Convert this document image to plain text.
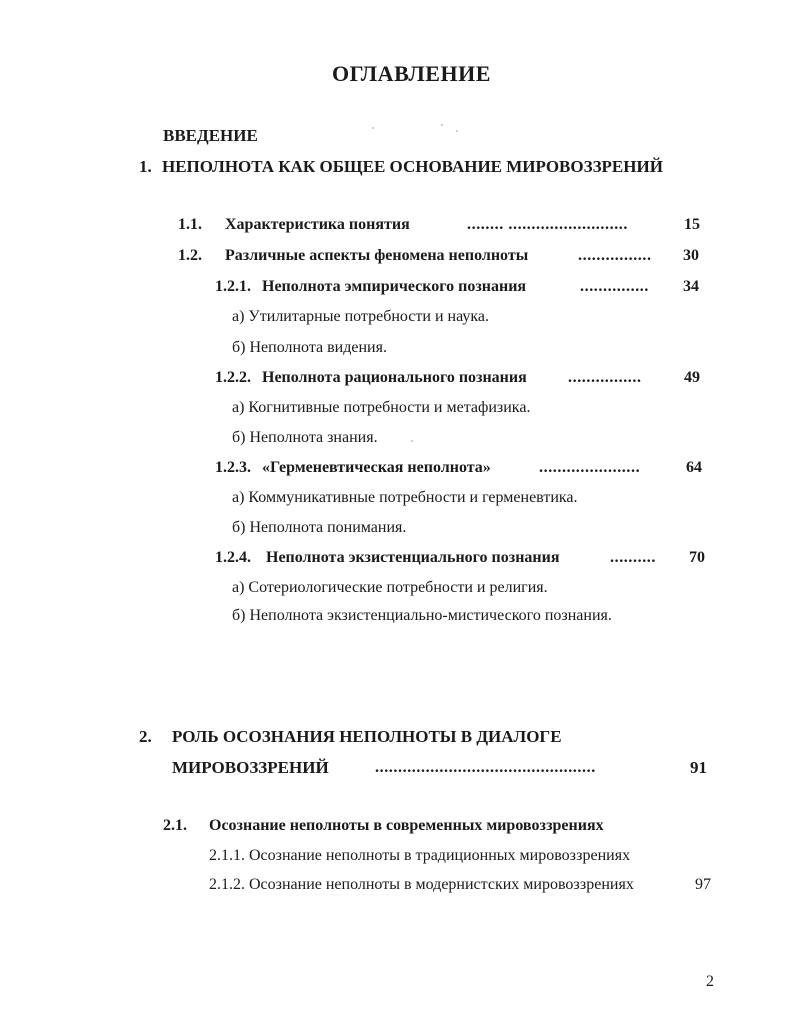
ОГЛАВЛЕНИЕ
ВВЕДЕНИЕ
1. НЕПОЛНОТА КАК ОБЩЕЕ ОСНОВАНИЕ МИРОВОЗЗРЕНИЙ
1.1. Характеристика понятия	........ ..........................	15
1.2. Различные аспекты феномена неполноты	................ 30
1.2.1. Неполнота эмпирического познания	............... 34
а) Утилитарные потребности и наука.
б) Неполнота видения.
1.2.2. Неполнота рационального познания	................	49
а) Когнитивные потребности и метафизика.
б) Неполнота знания.
1.2.3. «Герменевтическая неполнота»	......................	64
а) Коммуникативные потребности и герменевтика.
б) Неполнота понимания.
1.2.4. Неполнота экзистенциального познания	.......... 70
а) Сотериологические потребности и религия.
б) Неполнота экзистенциально-мистического познания.
2. РОЛЬ ОСОЗНАНИЯ НЕПОЛНОТЫ В ДИАЛОГЕ
МИРОВОЗЗРЕНИЙ	................................................	91
2.1. Осознание неполноты в современных мировоззрениях
2.1.1. Осознание неполноты в традиционных мировоззрениях
2.1.2. Осознание неполноты в модернистских мировоззрениях	97
2
